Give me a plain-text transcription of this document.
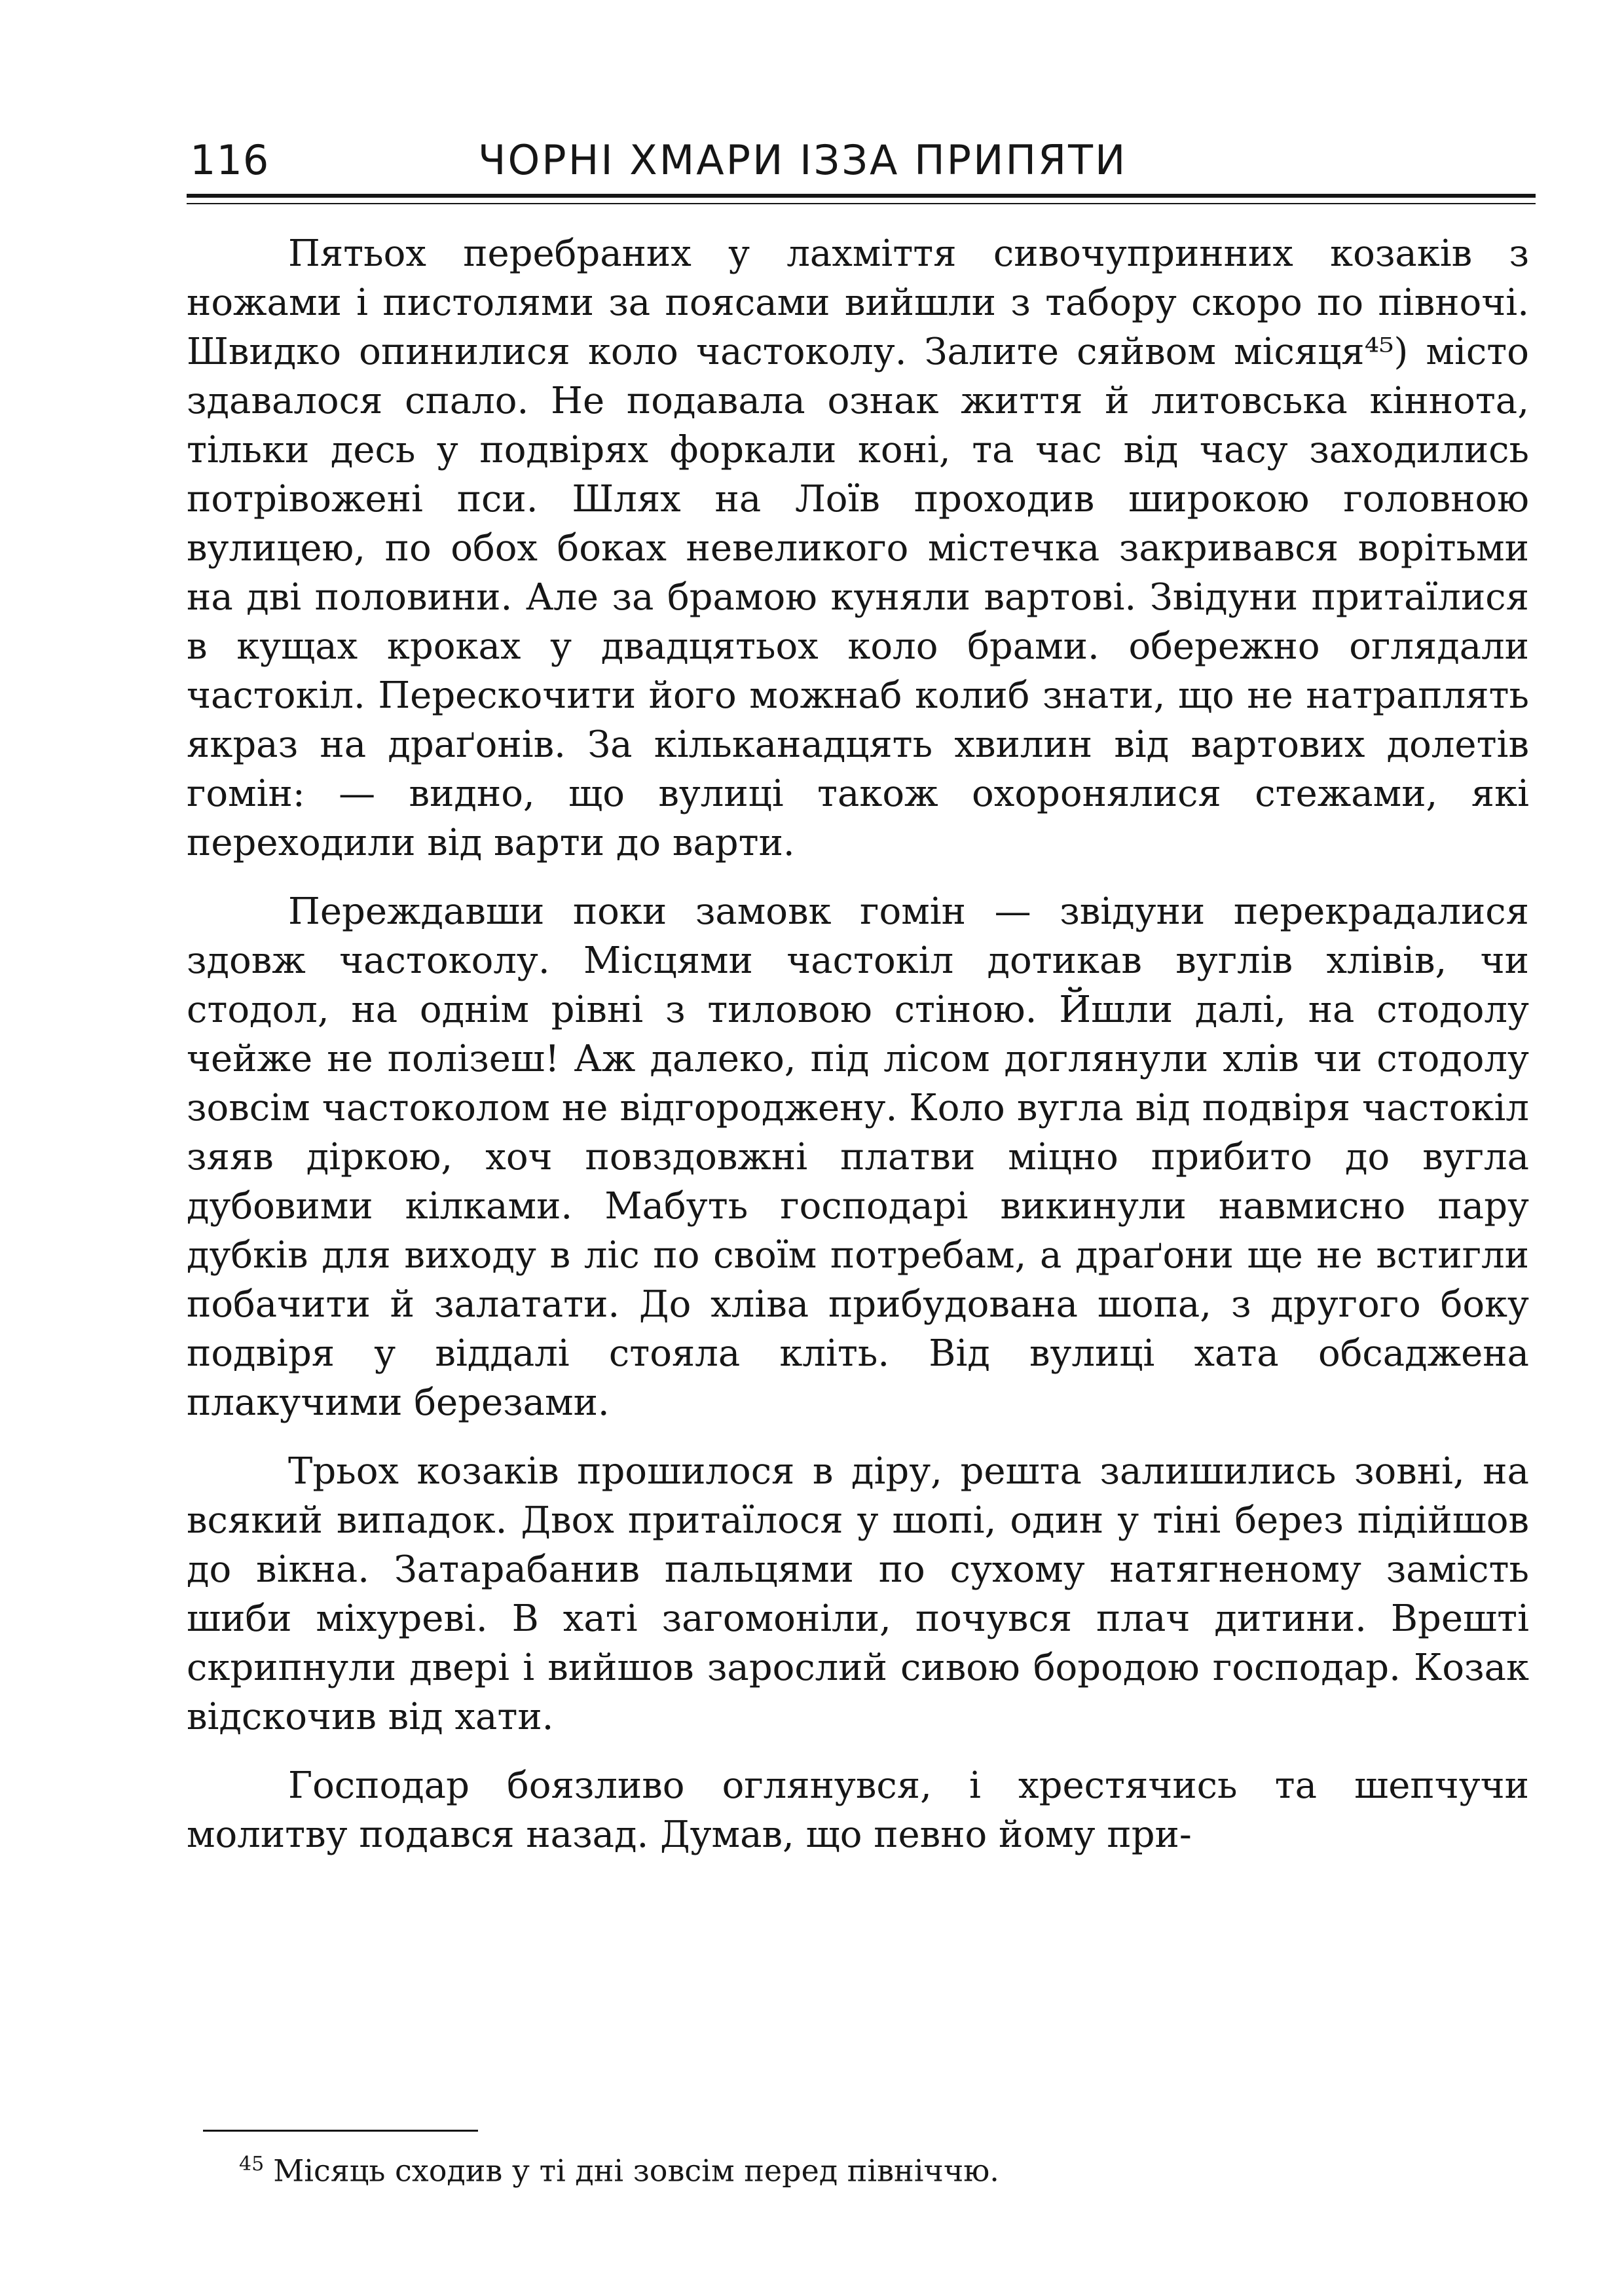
116	ЧОРНІ ХМАРИ ІЗЗА ПРИПЯТИ

Пятьох перебраних у лахміття сивочупринних козаків з ножами і пистолями за поясами вийшли з табору скоро по півночі. Швидко опинилися коло частоколу. Залите сяйвом місяця⁴⁵) місто здавалося спало. Не подавала ознак життя й литовська кіннота, тільки десь у подвірях форкали коні, та час від часу заходились потрівожені пси. Шлях на Лоїв проходив широкою головною вулицею, по обох боках невеликого містечка закривався ворітьми на дві половини. Але за брамою куняли вартові. Звідуни притаїлися в кущах кроках у двадцятьох коло брами. обережно оглядали частокіл. Перескочити його можнаб колиб знати, що не натраплять якраз на драґонів. За кільканадцять хвилин від вартових долетів гомін: — видно, що вулиці також охоронялися стежами, які переходили від варти до варти.

Переждавши поки замовк гомін — звідуни перекрадалися здовж частоколу. Місцями частокіл дотикав вуглів хлівів, чи стодол, на однім рівні з тиловою стіною. Йшли далі, на стодолу чейже не полізеш! Аж далеко, під лісом доглянули хлів чи стодолу зовсім частоколом не відгороджену. Коло вугла від подвіря частокіл зяяв діркою, хоч повздовжні платви міцно прибито до вугла дубовими кілками. Мабуть господарі викинули навмисно пару дубків для виходу в ліс по своїм потребам, а драґони ще не встигли побачити й залатати. До хліва прибудована шопа, з другого боку подвіря у віддалі стояла кліть. Від вулиці хата обсаджена плакучими березами.

Трьох козаків прошилося в діру, решта залишились зовні, на всякий випадок. Двох притаїлося у шопі, один у тіні берез підійшов до вікна. Затарабанив пальцями по сухому натягненому замість шиби міхуреві. В хаті загомоніли, почувся плач дитини. Врешті скрипнули двері і вийшов зарослий сивою бородою господар. Козак відскочив від хати.

Господар боязливо оглянувся, і хрестячись та шепчучи молитву подався назад. Думав, що певно йому при-

$^{45}$ Місяць сходив у ті дні зовсім перед північчю.
